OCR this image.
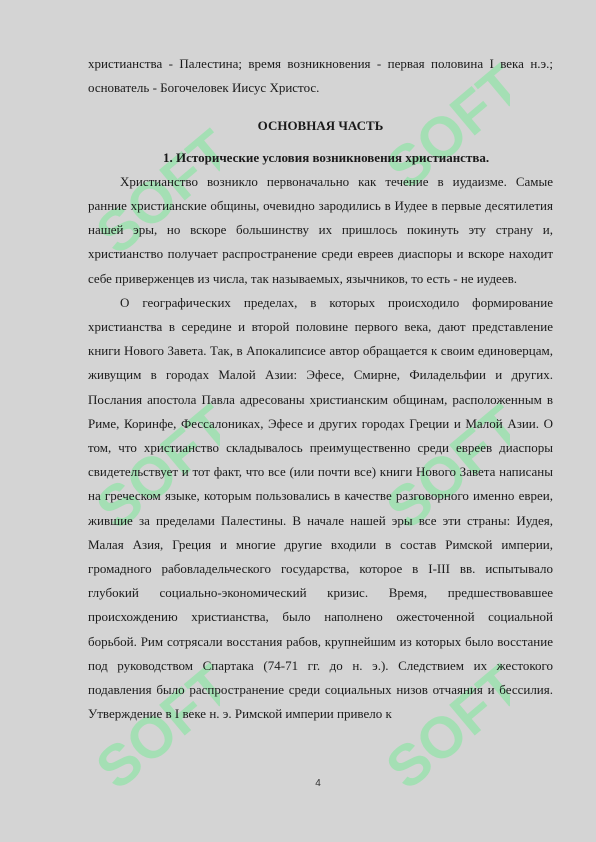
SOFT SOFT
SOFT SOFT
SOFT SOFT

христианства - Палестина; время возникновения - первая половина I века н.э.; основатель - Богочеловек Иисус Христос.

ОСНОВНАЯ ЧАСТЬ

1. Исторические условия возникновения христианства.

Христианство возникло первоначально как течение в иудаизме. Самые ранние христианские общины, очевидно зародились в Иудее в первые десятилетия нашей эры, но вскоре большинству их пришлось покинуть эту страну и, христианство получает распространение среди евреев диаспоры и вскоре находит себе приверженцев из числа, так называемых, язычников, то есть - не иудеев.

О географических пределах, в которых происходило формирование христианства в середине и второй половине первого века, дают представление книги Нового Завета. Так, в Апокалипсисе автор обращается к своим единоверцам, живущим в городах Малой Азии: Эфесе, Смирне, Филадельфии и других. Послания апостола Павла адресованы христианским общинам, расположенным в Риме, Коринфе, Фессалониках, Эфесе и других городах Греции и Малой Азии. О том, что христианство складывалось преимущественно среди евреев диаспоры свидетельствует и тот факт, что все (или почти все) книги Нового Завета написаны на греческом языке, которым пользовались в качестве разговорного именно евреи, жившие за пределами Палестины. В начале нашей эры все эти страны: Иудея, Малая Азия, Греция и многие другие входили в состав Римской империи, громадного рабовладельческого государства, которое в I-III вв. испытывало глубокий социально-экономический кризис. Время, предшествовавшее происхождению христианства, было наполнено ожесточенной социальной борьбой. Рим сотрясали восстания рабов, крупнейшим из которых было восстание под руководством Спартака (74-71 гг. до н. э.). Следствием их жестокого подавления было распространение среди социальных низов отчаяния и бессилия. Утверждение в I веке н. э. Римской империи привело к

4
